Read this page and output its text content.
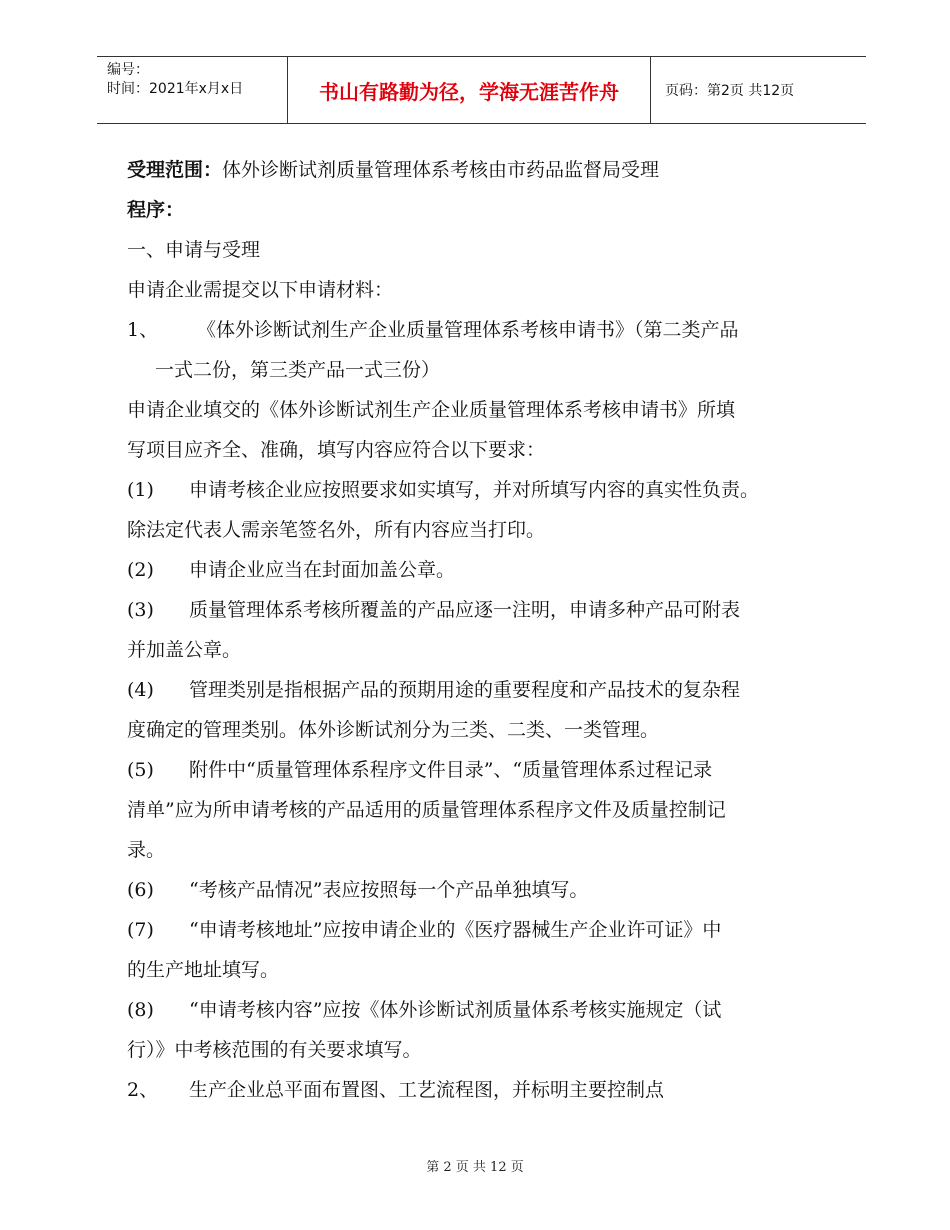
编号：
时间：2021年x月x日	书山有路勤为径，学海无涯苦作舟	页码：第2页 共12页

受理范围：体外诊断试剂质量管理体系考核由市药品监督局受理

程序：

一、申请与受理

申请企业需提交以下申请材料：

1、 《体外诊断试剂生产企业质量管理体系考核申请书》（第二类产品

一式二份，第三类产品一式三份）

申请企业填交的《体外诊断试剂生产企业质量管理体系考核申请书》所填

写项目应齐全、准确，填写内容应符合以下要求：

(1) 申请考核企业应按照要求如实填写，并对所填写内容的真实性负责。

除法定代表人需亲笔签名外，所有内容应当打印。

(2) 申请企业应当在封面加盖公章。

(3) 质量管理体系考核所覆盖的产品应逐一注明，申请多种产品可附表

并加盖公章。

(4) 管理类别是指根据产品的预期用途的重要程度和产品技术的复杂程

度确定的管理类别。体外诊断试剂分为三类、二类、一类管理。

(5) 附件中“质量管理体系程序文件目录”、“质量管理体系过程记录

清单”应为所申请考核的产品适用的质量管理体系程序文件及质量控制记

录。

(6) “考核产品情况”表应按照每一个产品单独填写。

(7) “申请考核地址”应按申请企业的《医疗器械生产企业许可证》中

的生产地址填写。

(8) “申请考核内容”应按《体外诊断试剂质量体系考核实施规定（试

行）》中考核范围的有关要求填写。

2、 生产企业总平面布置图、工艺流程图，并标明主要控制点

第 2 页 共 12 页
